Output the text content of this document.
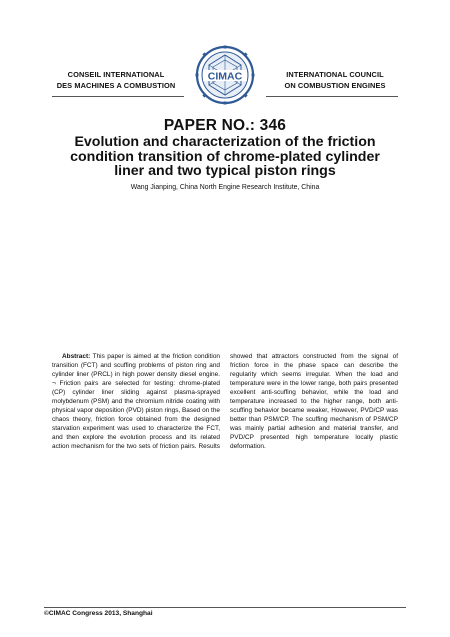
CONSEIL INTERNATIONAL
DES MACHINES A COMBUSTION
CIMAC	INTERNATIONAL COUNCIL
ON COMBUSTION ENGINES
PAPER NO.: 346
Evolution and characterization of the friction
condition transition of chrome-plated cylinder
liner and two typical piston rings
Wang Jianping, China North Engine Research Institute, China

Abstract: This paper is aimed at the friction condition transition (FCT) and scuffing problems of piston ring and cylinder liner (PRCL) in high power density diesel engine. ¬ Friction pairs are selected for testing: chrome-plated (CP) cylinder liner sliding against plasma-sprayed molybdenum (PSM) and the chromium nitride coating with physical vapor deposition (PVD) piston rings, Based on the chaos theory, friction force obtained from the designed starvation experiment was used to characterize the FCT, and then explore the evolution process and its related action mechanism for the two sets of friction pairs. Results showed that attractors constructed from the signal of friction force in the phase space can describe the regularity which seems irregular. When the load and temperature were in the lower range, both pairs presented excellent anti-scuffing behavior, while the load and temperature increased to the higher range, both anti-scuffing behavior became weaker, However, PVD/CP was better than PSM/CP. The scuffing mechanism of PSM/CP was mainly partial adhesion and material transfer, and PVD/CP presented high temperature locally plastic deformation.

©CIMAC Congress 2013, Shanghai
